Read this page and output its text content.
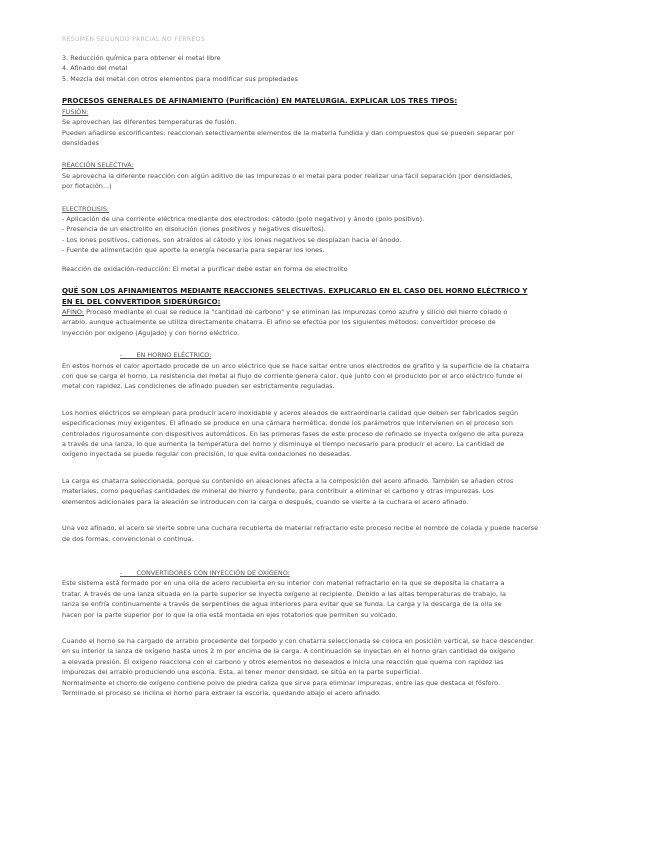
RESUMEN SEGUNDO PARCIAL NO FÉRREOS

3. Reducción química para obtener el metal libre

4. Afinado del metal

5. Mezcla del metal con otros elementos para modificar sus propiedades

PROCESOS GENERALES DE AFINAMIENTO (Purificación) EN MATELURGIA. EXPLICAR LOS TRES TIPOS:
FUSIÓN:

Se aprovechan las diferentes temperaturas de fusión.

Pueden añadirse escorificantes: reaccionan selectivamente elementos de la materia fundida y dan compuestos que se pueden separar por

densidades

REACCIÓN SELECTIVA:

Se aprovecha la diferente reacción con algún aditivo de las impurezas o el metal para poder realizar una fácil separación (por densidades,

por flotación...)

ELECTROLISIS:

- Aplicación de una corriente eléctrica mediante dos electrodos: cátodo (polo negativo) y ánodo (polo positivo).

- Presencia de un electrolito en disolución (iones positivos y negativos disueltos).

- Los iones positivos, cationes, son atraídos al cátodo y los iones negativos se desplazan hacia el ánodo.

- Fuente de alimentación que aporte la energía necesaria para separar los iones.

Reacción de oxidación-reducción: El metal a purificar debe estar en forma de electrolito

QUÉ SON LOS AFINAMIENTOS MEDIANTE REACCIONES SELECTIVAS. EXPLICARLO EN EL CASO DEL HORNO ELÉCTRICO Y
EN EL DEL CONVERTIDOR SIDERÚRGICO:

AFINO: Proceso mediante el cual se reduce la "cantidad de carbono" y se eliminan las impurezas como azufre y silicio del hierro colado o

arrabio, aunque actualmente se utiliza directamente chatarra. El afino se efectúa por los siguientes métodos: convertidor proceso de

inyección por oxígeno (Agujado) y con horno eléctrico.

-       EN HORNO ELÉCTRICO:

En estos hornos el calor aportado procede de un arco eléctrico que se hace saltar entre unos electrodos de grafito y la superficie de la chatarra

con que se carga el horno. La resistencia del metal al flujo de corriente genera calor, que junto con el producido por el arco eléctrico funde el

metal con rapidez. Las condiciones de afinado pueden ser estrictamente reguladas.

Los hornos eléctricos se emplean para producir acero inoxidable y aceros aleados de extraordinaria calidad que deben ser fabricados según

especificaciones muy exigentes. El afinado se produce en una cámara hermética, donde los parámetros que intervienen en el proceso son

controlados rigurosamente con dispositivos automáticos. En las primeras fases de este proceso de refinado se inyecta oxígeno de alta pureza

a través de una lanza, lo que aumenta la temperatura del horno y disminuye el tiempo necesario para producir el acero. La cantidad de

oxígeno inyectada se puede regular con precisión, lo que evita oxidaciones no deseadas.

La carga es chatarra seleccionada, porque su contenido en aleaciones afecta a la composición del acero afinado. También se añaden otros

materiales, como pequeñas cantidades de mineral de hierro y fundente, para contribuir a eliminar el carbono y otras impurezas. Los

elementos adicionales para la aleación se introducen con la carga o después, cuando se vierte a la cuchara el acero afinado.

Una vez afinado, el acero se vierte sobre una cuchara recubierta de material refractario este proceso recibe el nombre de colada y puede hacerse

de dos formas, convencional o continua.

-       CONVERTIDORES CON INYECCIÓN DE OXÍGENO:

Este sistema está formado por en una olla de acero recubierta en su interior con material refractario en la que se deposita la chatarra a

tratar. A través de una lanza situada en la parte superior se inyecta oxígeno al recipiente. Debido a las altas temperaturas de trabajo, la

lanza se enfría continuamente a través de serpentines de agua interiores para evitar que se funda. La carga y la descarga de la olla se

hacen por la parte superior por lo que la olla está montada en ejes rotatorios que permiten su volcado.

Cuando el horno se ha cargado de arrabio procedente del torpedo y con chatarra seleccionada se coloca en posición vertical, se hace descender

en su interior la lanza de oxígeno hasta unos 2 m por encima de la carga. A continuación se inyectan en el horno gran cantidad de oxígeno

a elevada presión. El oxígeno reacciona con el carbono y otros elementos no deseados e inicia una reacción que quema con rapidez las

impurezas del arrabio produciendo una escoria. Esta, al tener menor densidad, se sitúa en la parte superficial.

Normalmente el chorro de oxígeno contiene polvo de piedra caliza que sirve para eliminar impurezas, entre las que destaca el fósforo.

Terminado el proceso se inclina el horno para extraer la escoria, quedando abajo el acero afinado.
